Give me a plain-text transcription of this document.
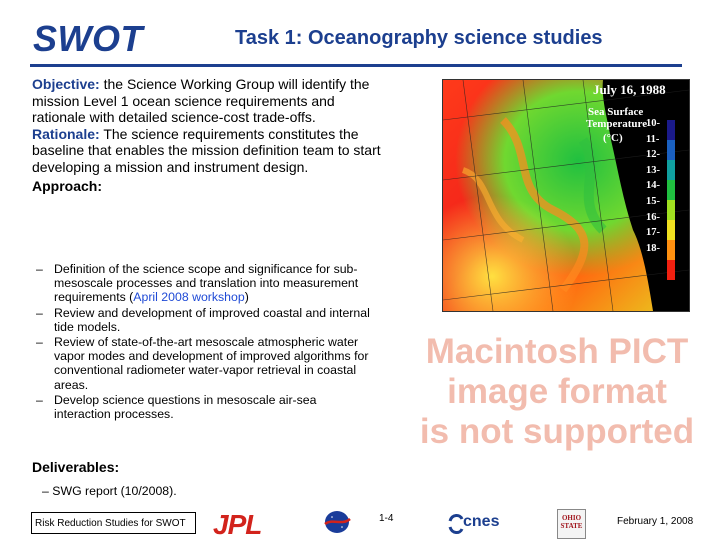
SWOT	Task 1: Oceanography science studies

Objective: the Science Working Group will identify the mission Level 1 ocean science requirements and rationale with detailed science-cost trade-offs.

Rationale: The science requirements constitutes the baseline that enables the mission definition team to start developing a mission and instrument design.

Approach:

– Definition of the science scope and significance for sub-mesoscale processes and translation into measurement requirements (April 2008 workshop)
– Review and development of improved coastal and internal tide models.
– Review of state-of-the-art mesoscale atmospheric water vapor modes and development of improved algorithms for conventional radiometer water-vapor retrieval in coastal areas.
– Develop science questions in mesoscale air-sea interaction processes.
Deliverables:
– SWG report (10/2008).
July 16, 1988
Sea Surface
Temperature
(°C)
10-
11-
12-
13-
14-
15-
16-
17-
18-
Macintosh PICT
image format
is not supported
Risk Reduction Studies for SWOT JPL	1-4	cnes	OHIO STATE	February 1, 2008
